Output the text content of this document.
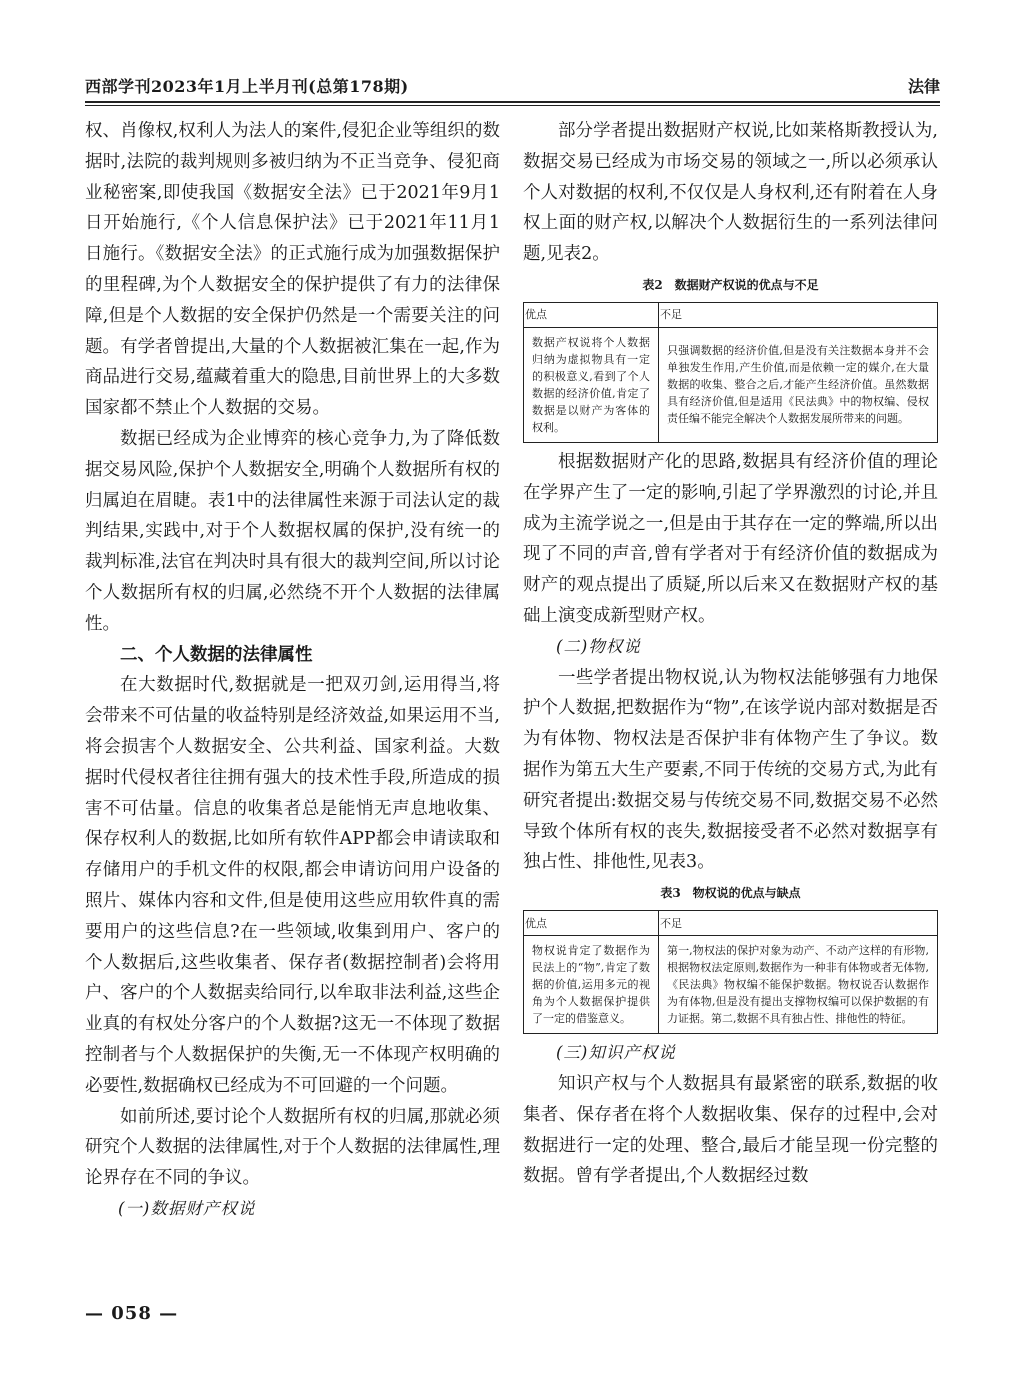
西部学刊2023年1月上半月刊(总第178期)	法律

权、肖像权,权利人为法人的案件,侵犯企业等组织的数据时,法院的裁判规则多被归纳为不正当竞争、侵犯商业秘密案,即使我国《数据安全法》已于2021年9月1日开始施行,《个人信息保护法》已于2021年11月1日施行。《数据安全法》的正式施行成为加强数据保护的里程碑,为个人数据安全的保护提供了有力的法律保障,但是个人数据的安全保护仍然是一个需要关注的问题。有学者曾提出,大量的个人数据被汇集在一起,作为商品进行交易,蕴藏着重大的隐患,目前世界上的大多数国家都不禁止个人数据的交易。

数据已经成为企业博弈的核心竞争力,为了降低数据交易风险,保护个人数据安全,明确个人数据所有权的归属迫在眉睫。表1中的法律属性来源于司法认定的裁判结果,实践中,对于个人数据权属的保护,没有统一的裁判标准,法官在判决时具有很大的裁判空间,所以讨论个人数据所有权的归属,必然绕不开个人数据的法律属性。

二、个人数据的法律属性

在大数据时代,数据就是一把双刃剑,运用得当,将会带来不可估量的收益特别是经济效益,如果运用不当,将会损害个人数据安全、公共利益、国家利益。大数据时代侵权者往往拥有强大的技术性手段,所造成的损害不可估量。信息的收集者总是能悄无声息地收集、保存权利人的数据,比如所有软件APP都会申请读取和存储用户的手机文件的权限,都会申请访问用户设备的照片、媒体内容和文件,但是使用这些应用软件真的需要用户的这些信息?在一些领域,收集到用户、客户的个人数据后,这些收集者、保存者(数据控制者)会将用户、客户的个人数据卖给同行,以牟取非法利益,这些企业真的有权处分客户的个人数据?这无一不体现了数据控制者与个人数据保护的失衡,无一不体现产权明确的必要性,数据确权已经成为不可回避的一个问题。

如前所述,要讨论个人数据所有权的归属,那就必须研究个人数据的法律属性,对于个人数据的法律属性,理论界存在不同的争议。

(一)数据财产权说

部分学者提出数据财产权说,比如莱格斯教授认为,数据交易已经成为市场交易的领域之一,所以必须承认个人对数据的权利,不仅仅是人身权利,还有附着在人身权上面的财产权,以解决个人数据衍生的一系列法律问题,见表2。

表2　数据财产权说的优点与不足
优点	不足
数据产权说将个人数据归纳为虚拟物具有一定的积极意义,看到了个人数据的经济价值,肯定了数据是以财产为客体的权利。	只强调数据的经济价值,但是没有关注数据本身并不会单独发生作用,产生价值,而是依赖一定的媒介,在大量数据的收集、整合之后,才能产生经济价值。虽然数据具有经济价值,但是适用《民法典》中的物权编、侵权责任编不能完全解决个人数据发展所带来的问题。

根据数据财产化的思路,数据具有经济价值的理论在学界产生了一定的影响,引起了学界激烈的讨论,并且成为主流学说之一,但是由于其存在一定的弊端,所以出现了不同的声音,曾有学者对于有经济价值的数据成为财产的观点提出了质疑,所以后来又在数据财产权的基础上演变成新型财产权。

(二)物权说

一些学者提出物权说,认为物权法能够强有力地保护个人数据,把数据作为“物”,在该学说内部对数据是否为有体物、物权法是否保护非有体物产生了争议。数据作为第五大生产要素,不同于传统的交易方式,为此有研究者提出:数据交易与传统交易不同,数据交易不必然导致个体所有权的丧失,数据接受者不必然对数据享有独占性、排他性,见表3。

表3　物权说的优点与缺点
优点	不足
物权说肯定了数据作为民法上的“物”,肯定了数据的价值,运用多元的视角为个人数据保护提供了一定的借鉴意义。	第一,物权法的保护对象为动产、不动产这样的有形物,根据物权法定原则,数据作为一种非有体物或者无体物,《民法典》物权编不能保护数据。物权说否认数据作为有体物,但是没有提出支撑物权编可以保护数据的有力证据。第二,数据不具有独占性、排他性的特征。
(三)知识产权说

知识产权与个人数据具有最紧密的联系,数据的收集者、保存者在将个人数据收集、保存的过程中,会对数据进行一定的处理、整合,最后才能呈现一份完整的数据。曾有学者提出,个人数据经过数

— 058 —
